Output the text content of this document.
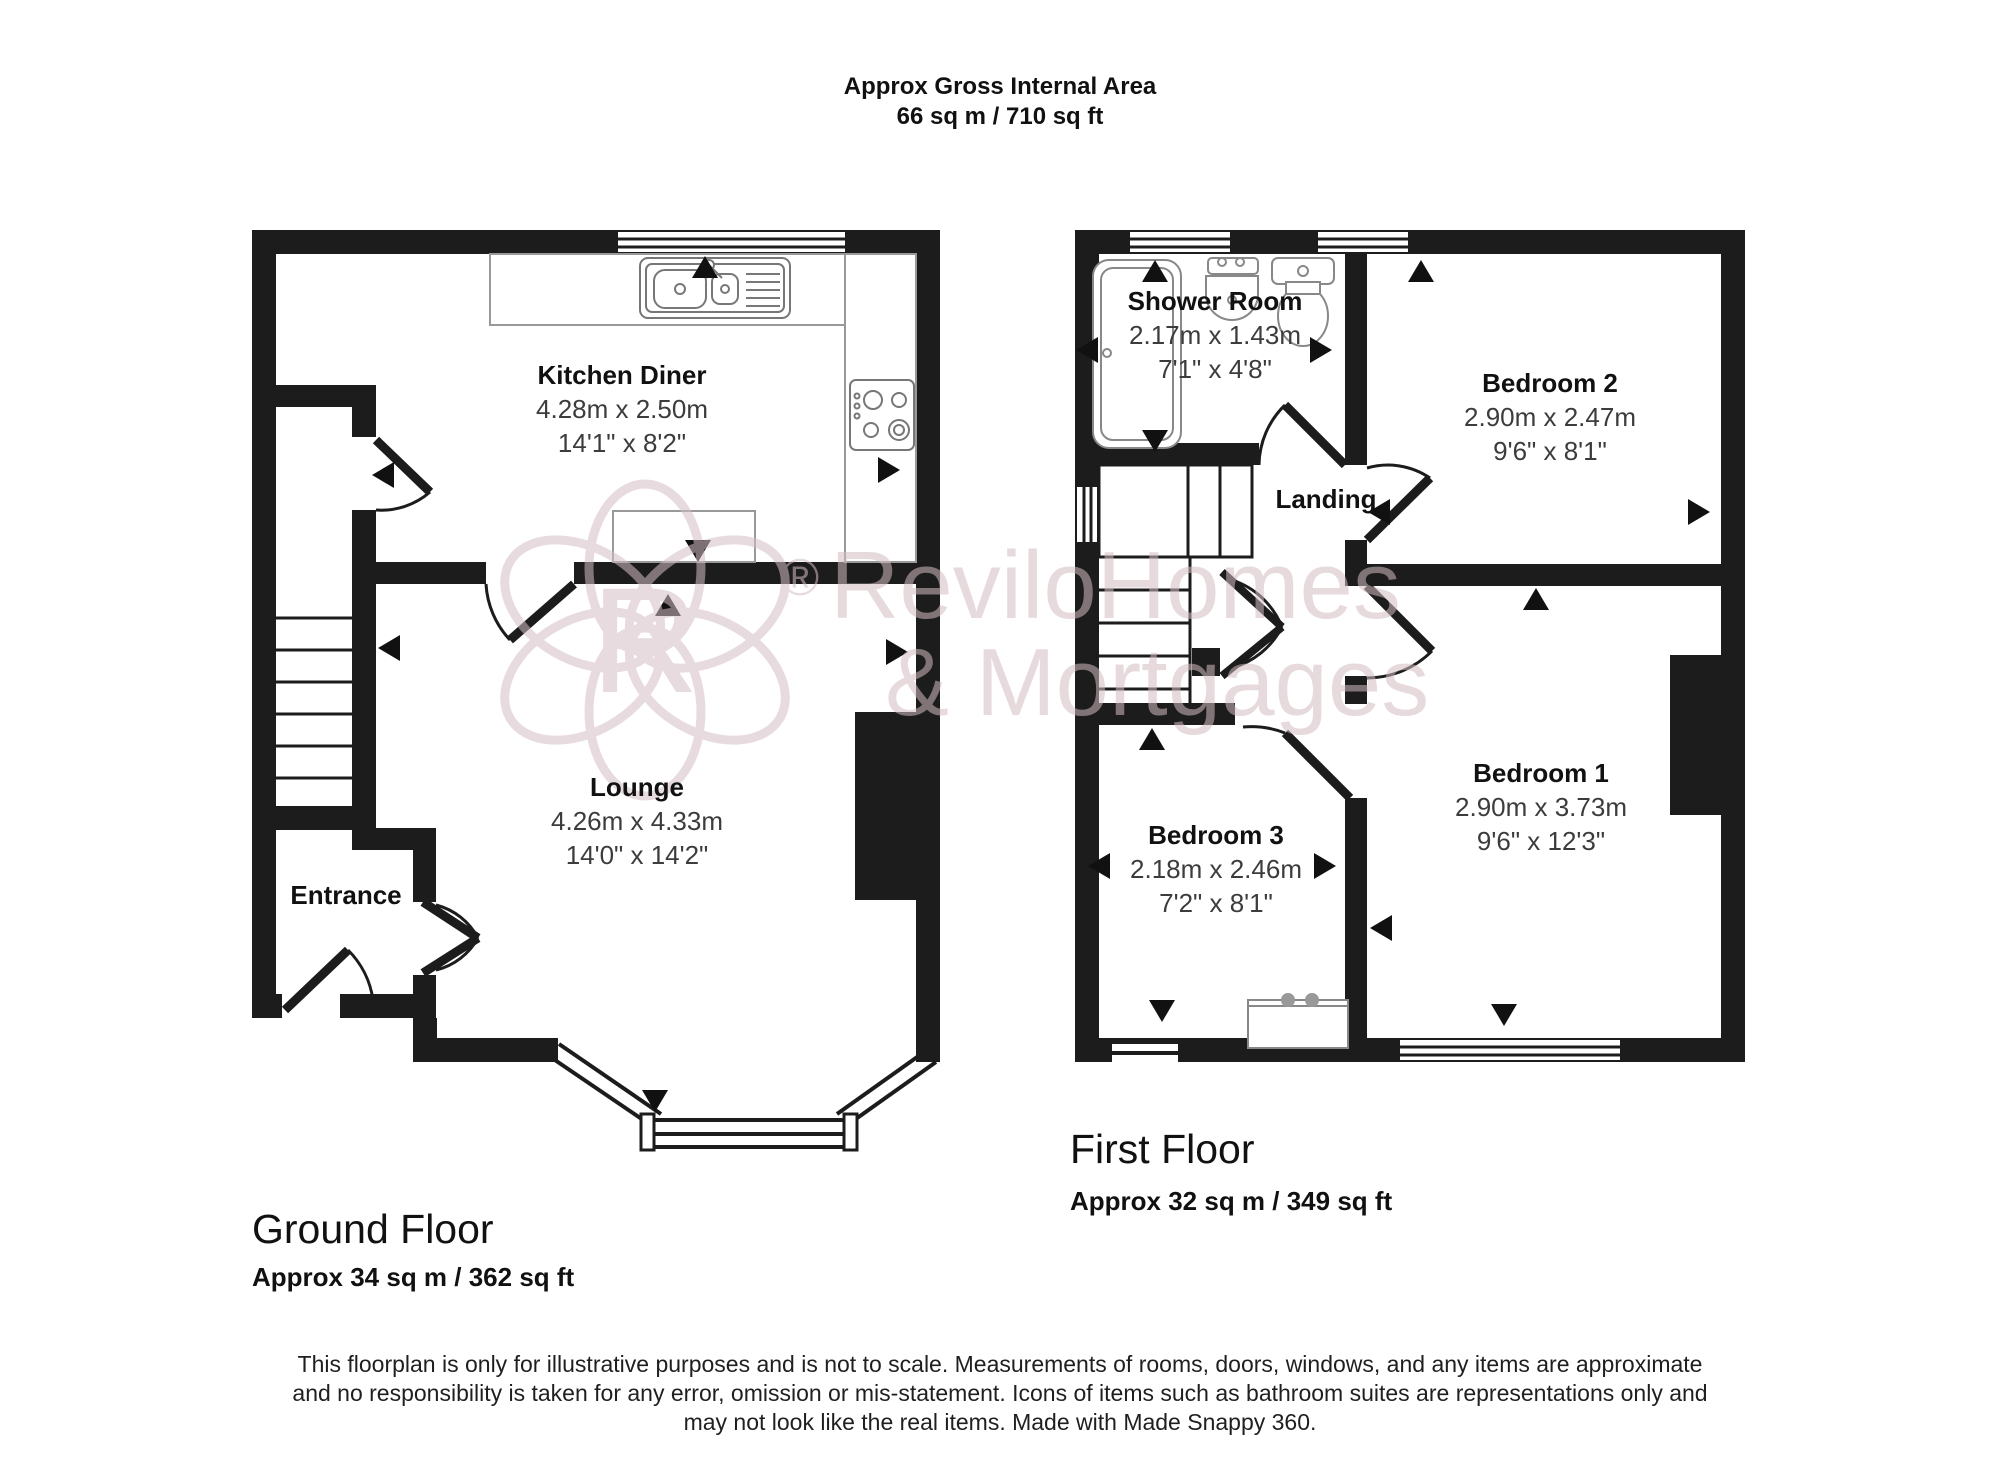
Approx Gross Internal Area
66 sq m / 710 sq ft
R ® ReviloHomes
& Mortgages
Kitchen Diner
4.28m x 2.50m
14'1" x 8'2"
Lounge
4.26m x 4.33m
14'0" x 14'2"
Entrance
Shower Room
2.17m x 1.43m
7'1" x 4'8"	Bedroom 2
2.90m x 2.47m
9'6" x 8'1"
Landing
Bedroom 3
2.18m x 2.46m
7'2" x 8'1"
Bedroom 1
2.90m x 3.73m
9'6" x 12'3"
Ground Floor
Approx 34 sq m / 362 sq ft
First Floor
Approx 32 sq m / 349 sq ft
This floorplan is only for illustrative purposes and is not to scale. Measurements of rooms, doors, windows, and any items are approximate
and no responsibility is taken for any error, omission or mis-statement. Icons of items such as bathroom suites are representations only and
may not look like the real items. Made with Made Snappy 360.
